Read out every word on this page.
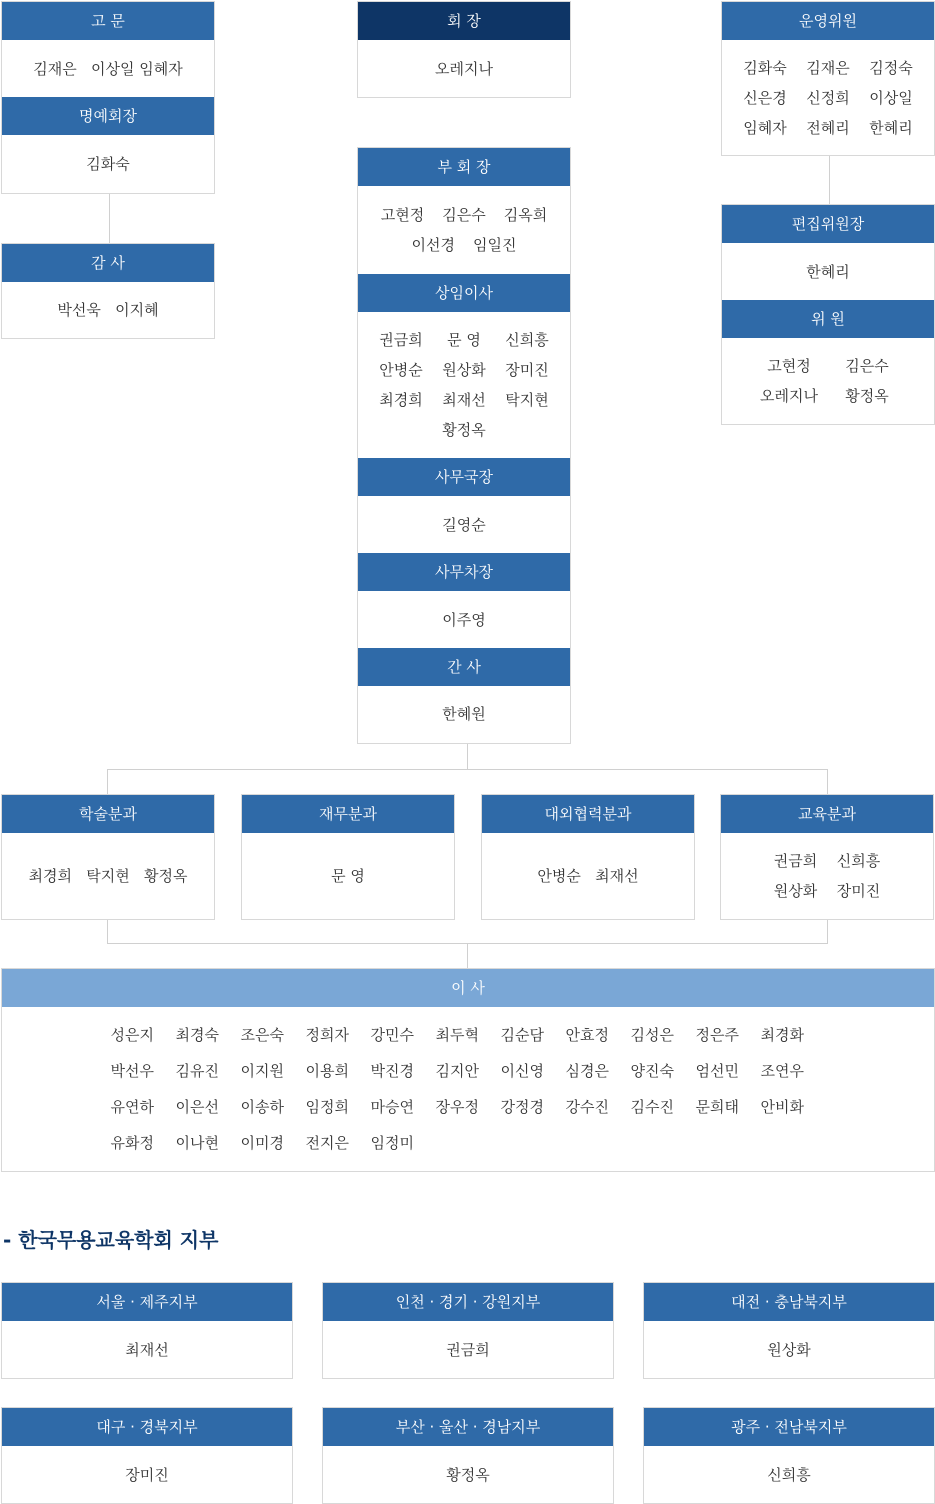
고 문
김재은   이상일 임혜자
명예회장
김화숙
감 사
박선욱   이지혜
회 장
오레지나
부 회 장
고현정 김은수 김옥희
이선경 임일진
상임이사
권금희	문 영	신희흥
안병순 원상화 장미진
최경희 최재선 탁지현
황정옥
사무국장
길영순
사무차장
이주영
간 사
한혜원
운영위원
김화숙 김재은 김정숙
신은경 신정희 이상일
임혜자 전혜리 한혜리
편집위원장
한혜리
위 원
고현정	김은수
오레지나	황정옥
학술분과
최경희   탁지현   황정옥
재무분과
문 영
대외협력분과
안병순   최재선
교육분과
권금희 신희흥
원상화 장미진
이 사
성은지	최경숙	조은숙	정희자	강민수	최두혁	김순담	안효정	김성은	정은주	최경화
박선우	김유진	이지원	이용희	박진경	김지안	이신영	심경은	양진숙	엄선민	조연우
유연하	이은선	이송하	임정희	마승연	장우정	강정경	강수진	김수진	문희태	안비화
유화정	이나현	이미경	전지은	임정미
- 한국무용교육학회 지부
서울 · 제주지부
최재선
인천 · 경기 · 강원지부
권금희
대전 · 충남북지부
원상화
대구 · 경북지부
장미진
부산 · 울산 · 경남지부
황정옥
광주 · 전남북지부
신희흥
